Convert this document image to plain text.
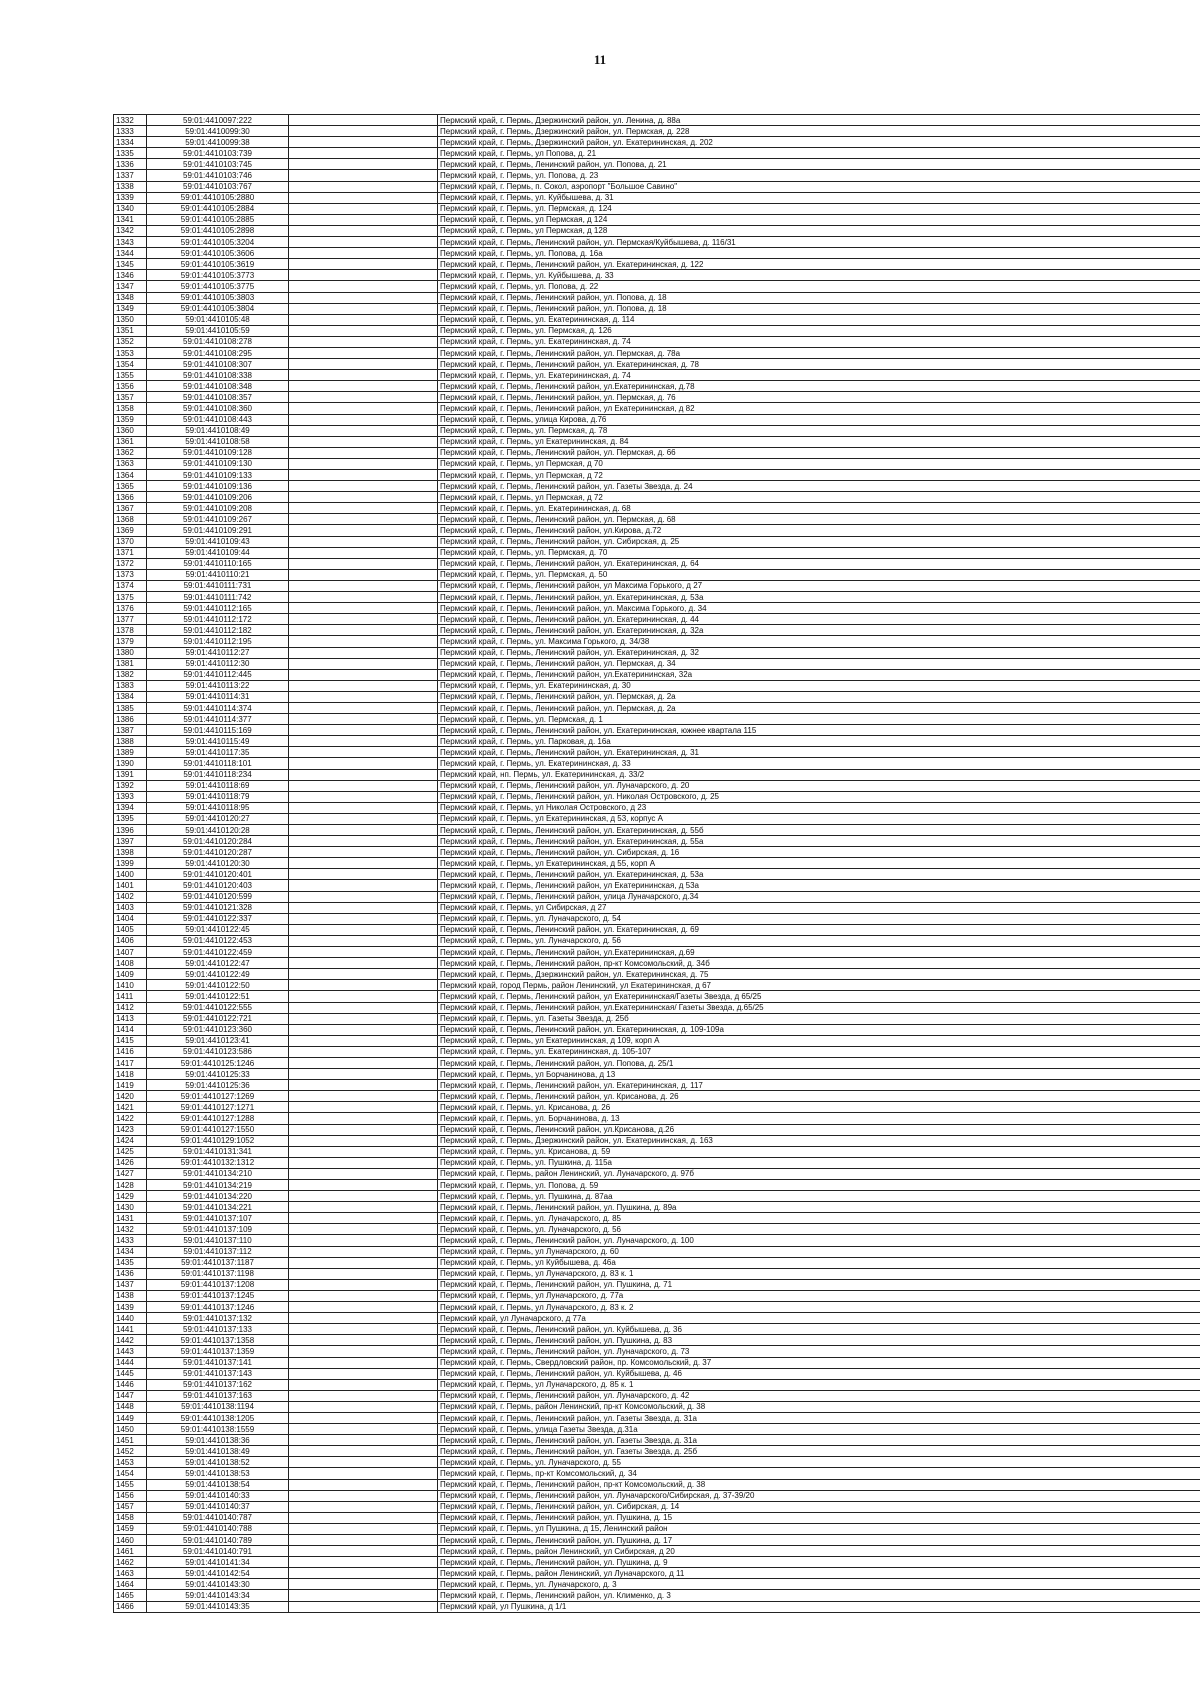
11
1332	59:01:4410097:222		Пермский край, г. Пермь, Дзержинский район, ул. Ленина, д. 88а
1333	59:01:4410099:30		Пермский край, г. Пермь, Дзержинский район, ул. Пермская, д. 228
1334	59:01:4410099:38		Пермский край, г. Пермь, Дзержинский район, ул. Екатерининская, д. 202
1335	59:01:4410103:739		Пермский край, г. Пермь, ул Попова, д. 21
1336	59:01:4410103:745		Пермский край, г. Пермь, Ленинский район, ул. Попова, д. 21
1337	59:01:4410103:746		Пермский край, г. Пермь, ул. Попова, д. 23
1338	59:01:4410103:767		Пермский край, г. Пермь, п. Сокол, аэропорт "Большое Савино"
1339	59:01:4410105:2880		Пермский край, г. Пермь, ул. Куйбышева, д. 31
1340	59:01:4410105:2884		Пермский край, г. Пермь, ул. Пермская, д. 124
1341	59:01:4410105:2885		Пермский край, г. Пермь, ул Пермская, д 124
1342	59:01:4410105:2898		Пермский край, г. Пермь, ул Пермская, д 128
1343	59:01:4410105:3204		Пермский край, г. Пермь, Ленинский район, ул. Пермская/Куйбышева, д. 116/31
1344	59:01:4410105:3606		Пермский край, г. Пермь, ул. Попова, д. 16а
1345	59:01:4410105:3619		Пермский край, г. Пермь, Ленинский район, ул. Екатерининская, д. 122
1346	59:01:4410105:3773		Пермский край, г. Пермь, ул. Куйбышева, д. 33
1347	59:01:4410105:3775		Пермский край, г. Пермь, ул. Попова, д. 22
1348	59:01:4410105:3803		Пермский край, г. Пермь, Ленинский район, ул. Попова, д. 18
1349	59:01:4410105:3804		Пермский край, г. Пермь, Ленинский район, ул. Попова, д. 18
1350	59:01:4410105:48		Пермский край, г. Пермь, ул. Екатерининская, д. 114
1351	59:01:4410105:59		Пермский край, г. Пермь, ул. Пермская, д. 126
1352	59:01:4410108:278		Пермский край, г. Пермь, ул. Екатерининская, д. 74
1353	59:01:4410108:295		Пермский край, г. Пермь, Ленинский район, ул. Пермская, д. 78а
1354	59:01:4410108:307		Пермский край, г. Пермь, Ленинский район, ул. Екатерининская, д. 78
1355	59:01:4410108:338		Пермский край, г. Пермь, ул. Екатерининская, д. 74
1356	59:01:4410108:348		Пермский край, г. Пермь, Ленинский район, ул.Екатерининская, д.78
1357	59:01:4410108:357		Пермский край, г. Пермь, Ленинский район, ул. Пермская, д. 76
1358	59:01:4410108:360		Пермский край, г. Пермь, Ленинский район, ул Екатерининская, д 82
1359	59:01:4410108:443		Пермский край, г. Пермь, улица Кирова, д.76
1360	59:01:4410108:49		Пермский край, г. Пермь, ул. Пермская, д. 78
1361	59:01:4410108:58		Пермский край, г. Пермь, ул Екатерининская, д. 84
1362	59:01:4410109:128		Пермский край, г. Пермь, Ленинский район, ул. Пермская, д. 66
1363	59:01:4410109:130		Пермский край, г. Пермь, ул Пермская, д 70
1364	59:01:4410109:133		Пермский край, г. Пермь, ул Пермская, д 72
1365	59:01:4410109:136		Пермский край, г. Пермь, Ленинский район, ул. Газеты Звезда, д. 24
1366	59:01:4410109:206		Пермский край, г. Пермь, ул Пермская, д 72
1367	59:01:4410109:208		Пермский край, г. Пермь, ул. Екатерининская, д. 68
1368	59:01:4410109:267		Пермский край, г. Пермь, Ленинский район, ул. Пермская, д. 68
1369	59:01:4410109:291		Пермский край, г. Пермь, Ленинский район, ул.Кирова, д.72
1370	59:01:4410109:43		Пермский край, г. Пермь, Ленинский район, ул. Сибирская, д. 25
1371	59:01:4410109:44		Пермский край, г. Пермь, ул. Пермская, д. 70
1372	59:01:4410110:165		Пермский край, г. Пермь, Ленинский район, ул. Екатерининская, д. 64
1373	59:01:4410110:21		Пермский край, г. Пермь, ул. Пермская, д. 50
1374	59:01:4410111:731		Пермский край, г. Пермь, Ленинский район, ул Максима Горького, д 27
1375	59:01:4410111:742		Пермский край, г. Пермь, Ленинский район, ул. Екатерининская, д. 53а
1376	59:01:4410112:165		Пермский край, г. Пермь, Ленинский район, ул. Максима Горького, д. 34
1377	59:01:4410112:172		Пермский край, г. Пермь, Ленинский район, ул. Екатерининская, д. 44
1378	59:01:4410112:182		Пермский край, г. Пермь, Ленинский район, ул. Екатерининская, д. 32а
1379	59:01:4410112:195		Пермский край, г. Пермь, ул. Максима Горького, д. 34/38
1380	59:01:4410112:27		Пермский край, г. Пермь, Ленинский район, ул. Екатерининская, д. 32
1381	59:01:4410112:30		Пермский край, г. Пермь, Ленинский район, ул. Пермская, д. 34
1382	59:01:4410112:445		Пермский край, г. Пермь, Ленинский район, ул.Екатерининская, 32а
1383	59:01:4410113:22		Пермский край, г. Пермь, ул. Екатерининская, д. 30
1384	59:01:4410114:31		Пермский край, г. Пермь, Ленинский район, ул. Пермская, д. 2а
1385	59:01:4410114:374		Пермский край, г. Пермь, Ленинский район, ул. Пермская, д. 2а
1386	59:01:4410114:377		Пермский край, г. Пермь, ул. Пермская, д. 1
1387	59:01:4410115:169		Пермский край, г. Пермь, Ленинский район, ул. Екатерининская, южнее квартала 115
1388	59:01:4410115:49		Пермский край, г. Пермь, ул. Парковая, д. 16а
1389	59:01:4410117:35		Пермский край, г. Пермь, Ленинский район, ул. Екатерининская, д. 31
1390	59:01:4410118:101		Пермский край, г. Пермь, ул. Екатерининская, д. 33
1391	59:01:4410118:234		Пермский край, нп. Пермь, ул. Екатерининская, д. 33/2
1392	59:01:4410118:69		Пермский край, г. Пермь, Ленинский район, ул. Луначарского, д. 20
1393	59:01:4410118:79		Пермский край, г. Пермь, Ленинский район, ул. Николая Островского, д. 25
1394	59:01:4410118:95		Пермский край, г. Пермь, ул Николая Островского, д 23
1395	59:01:4410120:27		Пермский край, г. Пермь, ул Екатерининская, д 53, корпус А
1396	59:01:4410120:28		Пермский край, г. Пермь, Ленинский район, ул. Екатерининская, д. 55б
1397	59:01:4410120:284		Пермский край, г. Пермь, Ленинский район, ул. Екатерининская, д. 55а
1398	59:01:4410120:287		Пермский край, г. Пермь, Ленинский район, ул. Сибирская, д. 16
1399	59:01:4410120:30		Пермский край, г. Пермь, ул Екатерининская, д 55, корп А
1400	59:01:4410120:401		Пермский край, г. Пермь, Ленинский район, ул. Екатерининская, д. 53а
1401	59:01:4410120:403		Пермский край, г. Пермь, Ленинский район, ул Екатерининская, д 53а
1402	59:01:4410120:599		Пермский край, г. Пермь, Ленинский район, улица Луначарского, д.34
1403	59:01:4410121:328		Пермский край, г. Пермь, ул Сибирская, д 27
1404	59:01:4410122:337		Пермский край, г. Пермь, ул. Луначарского, д. 54
1405	59:01:4410122:45		Пермский край, г. Пермь, Ленинский район, ул. Екатерининская, д. 69
1406	59:01:4410122:453		Пермский край, г. Пермь, ул. Луначарского, д. 56
1407	59:01:4410122:459		Пермский край, г. Пермь, Ленинский район, ул.Екатерининская, д.69
1408	59:01:4410122:47		Пермский край, г. Пермь, Ленинский район, пр-кт Комсомольский, д. 34б
1409	59:01:4410122:49		Пермский край, г. Пермь, Дзержинский район, ул. Екатерининская, д. 75
1410	59:01:4410122:50		Пермский край, город Пермь, район Ленинский, ул Екатерининская, д 67
1411	59:01:4410122:51		Пермский край, г. Пермь, Ленинский район, ул Екатерининская/Газеты Звезда, д 65/25
1412	59:01:4410122:555		Пермский край, г. Пермь, Ленинский район, ул.Екатерининская/ Газеты Звезда, д.65/25
1413	59:01:4410122:721		Пермский край, г. Пермь, ул. Газеты Звезда, д. 25б
1414	59:01:4410123:360		Пермский край, г. Пермь, Ленинский район, ул. Екатерининская, д. 109-109а
1415	59:01:4410123:41		Пермский край, г. Пермь, ул Екатерининская, д 109, корп А
1416	59:01:4410123:586		Пермский край, г. Пермь, ул. Екатерининская, д. 105-107
1417	59:01:4410125:1246		Пермский край, г. Пермь, Ленинский район, ул. Попова, д. 25/1
1418	59:01:4410125:33		Пермский край, г. Пермь, ул Борчанинова, д 13
1419	59:01:4410125:36		Пермский край, г. Пермь, Ленинский район, ул. Екатерининская, д. 117
1420	59:01:4410127:1269		Пермский край, г. Пермь, Ленинский район, ул. Крисанова, д. 26
1421	59:01:4410127:1271		Пермский край, г. Пермь, ул. Крисанова, д. 26
1422	59:01:4410127:1288		Пермский край, г. Пермь, ул. Борчанинова, д. 13
1423	59:01:4410127:1550		Пермский край, г. Пермь, Ленинский район, ул.Крисанова, д.26
1424	59:01:4410129:1052		Пермский край, г. Пермь, Дзержинский район, ул. Екатерининская, д. 163
1425	59:01:4410131:341		Пермский край, г. Пермь, ул. Крисанова, д. 59
1426	59:01:4410132:1312		Пермский край, г. Пермь, ул. Пушкина, д. 115а
1427	59:01:4410134:210		Пермский край, г. Пермь, район Ленинский, ул. Луначарского, д. 97б
1428	59:01:4410134:219		Пермский край, г. Пермь, ул. Попова, д. 59
1429	59:01:4410134:220		Пермский край, г. Пермь, ул. Пушкина, д. 87аа
1430	59:01:4410134:221		Пермский край, г. Пермь, Ленинский район, ул. Пушкина, д. 89а
1431	59:01:4410137:107		Пермский край, г. Пермь, ул. Луначарского, д. 85
1432	59:01:4410137:109		Пермский край, г. Пермь, ул. Луначарского, д. 56
1433	59:01:4410137:110		Пермский край, г. Пермь, Ленинский район, ул. Луначарского, д. 100
1434	59:01:4410137:112		Пермский край, г. Пермь, ул Луначарского, д. 60
1435	59:01:4410137:1187		Пермский край, г. Пермь, ул Куйбышева, д. 46а
1436	59:01:4410137:1198		Пермский край, г. Пермь, ул Луначарского, д. 83 к. 1
1437	59:01:4410137:1208		Пермский край, г. Пермь, Ленинский район, ул. Пушкина, д. 71
1438	59:01:4410137:1245		Пермский край, г. Пермь, ул Луначарского, д. 77а
1439	59:01:4410137:1246		Пермский край, г. Пермь, ул Луначарского, д. 83 к. 2
1440	59:01:4410137:132		Пермский край, ул Луначарского, д 77а
1441	59:01:4410137:133		Пермский край, г. Пермь, Ленинский район, ул. Куйбышева, д. 36
1442	59:01:4410137:1358		Пермский край, г. Пермь, Ленинский район, ул. Пушкина, д. 83
1443	59:01:4410137:1359		Пермский край, г. Пермь, Ленинский район, ул. Луначарского, д. 73
1444	59:01:4410137:141		Пермский край, г. Пермь, Свердловский район, пр. Комсомольский, д. 37
1445	59:01:4410137:143		Пермский край, г. Пермь, Ленинский район, ул. Куйбышева, д. 46
1446	59:01:4410137:162		Пермский край, г. Пермь, ул Луначарского, д. 85 к. 1
1447	59:01:4410137:163		Пермский край, г. Пермь, Ленинский район, ул. Луначарского, д. 42
1448	59:01:4410138:1194		Пермский край, г. Пермь, район Ленинский, пр-кт Комсомольский, д. 38
1449	59:01:4410138:1205		Пермский край, г. Пермь, Ленинский район, ул. Газеты Звезда, д. 31а
1450	59:01:4410138:1559		Пермский край, г. Пермь, улица Газеты Звезда, д.31а
1451	59:01:4410138:36		Пермский край, г. Пермь, Ленинский район, ул. Газеты Звезда, д. 31а
1452	59:01:4410138:49		Пермский край, г. Пермь, Ленинский район, ул. Газеты Звезда, д. 25б
1453	59:01:4410138:52		Пермский край, г. Пермь, ул. Луначарского, д. 55
1454	59:01:4410138:53		Пермский край, г. Пермь, пр-кт Комсомольский, д. 34
1455	59:01:4410138:54		Пермский край, г. Пермь, Ленинский район, пр-кт Комсомольский, д. 38
1456	59:01:4410140:33		Пермский край, г. Пермь, Ленинский район, ул. Луначарского/Сибирская, д. 37-39/20
1457	59:01:4410140:37		Пермский край, г. Пермь, Ленинский район, ул. Сибирская, д. 14
1458	59:01:4410140:787		Пермский край, г. Пермь, Ленинский район, ул. Пушкина, д. 15
1459	59:01:4410140:788		Пермский край, г. Пермь, ул Пушкина, д 15, Ленинский район
1460	59:01:4410140:789		Пермский край, г. Пермь, Ленинский район, ул. Пушкина, д. 17
1461	59:01:4410140:791		Пермский край, г. Пермь, район Ленинский, ул Сибирская, д 20
1462	59:01:4410141:34		Пермский край, г. Пермь, Ленинский район, ул. Пушкина, д. 9
1463	59:01:4410142:54		Пермский край, г. Пермь, район Ленинский, ул Луначарского, д 11
1464	59:01:4410143:30		Пермский край, г. Пермь, ул. Луначарского, д. 3
1465	59:01:4410143:34		Пермский край, г. Пермь, Ленинский район, ул. Клименко, д. 3
1466	59:01:4410143:35		Пермский край, ул Пушкина, д 1/1
